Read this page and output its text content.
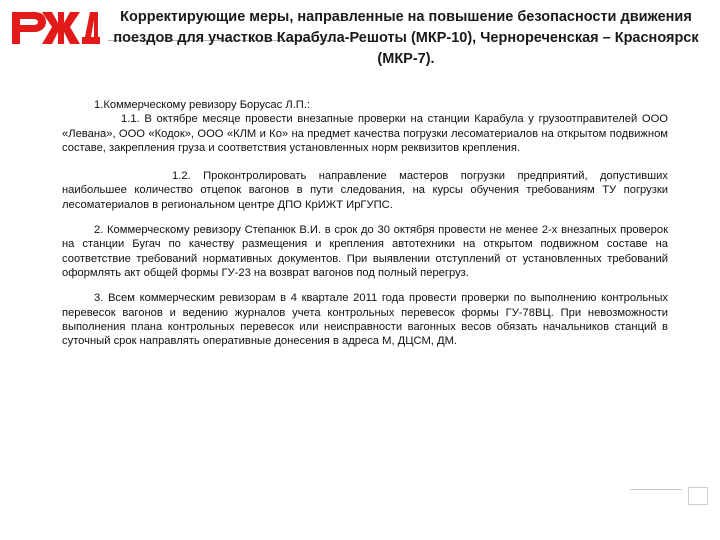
Корректирующие меры, направленные на повышение безопасности движения поездов для участков Карабула-Решоты (МКР-10), Чернореченская – Красноярск (МКР-7).

1.Коммерческому ревизору Борусас Л.П.:

1.1. В октябре месяце провести внезапные проверки на станции Карабула у грузоотправителей ООО «Левана», ООО «Кодок», ООО «КЛМ и Ко» на предмет качества погрузки лесоматериалов на открытом подвижном составе, закрепления груза и соответствия установленных норм реквизитов крепления.

1.2. Проконтролировать направление мастеров погрузки предприятий, допустивших наибольшее количество отцепок вагонов в пути следования, на курсы обучения требованиям ТУ погрузки лесоматериалов в региональном центре ДПО КрИЖТ ИрГУПС.

2. Коммерческому ревизору Степанюк В.И. в срок до 30 октября провести не менее 2-х внезапных проверок на станции Бугач по качеству размещения и крепления автотехники на открытом подвижном составе на соответствие требований нормативных документов. При выявлении отступлений от установленных требований оформлять акт общей формы ГУ-23 на возврат вагонов под полный перегруз.

3. Всем коммерческим ревизорам в 4 квартале 2011 года провести проверки по выполнению контрольных перевесок вагонов и ведению журналов учета контрольных перевесок формы ГУ-78ВЦ. При невозможности выполнения плана контрольных перевесок или неисправности вагонных весов обязать начальников станций в суточный срок направлять оперативные донесения в адреса М, ДЦСМ, ДМ.
